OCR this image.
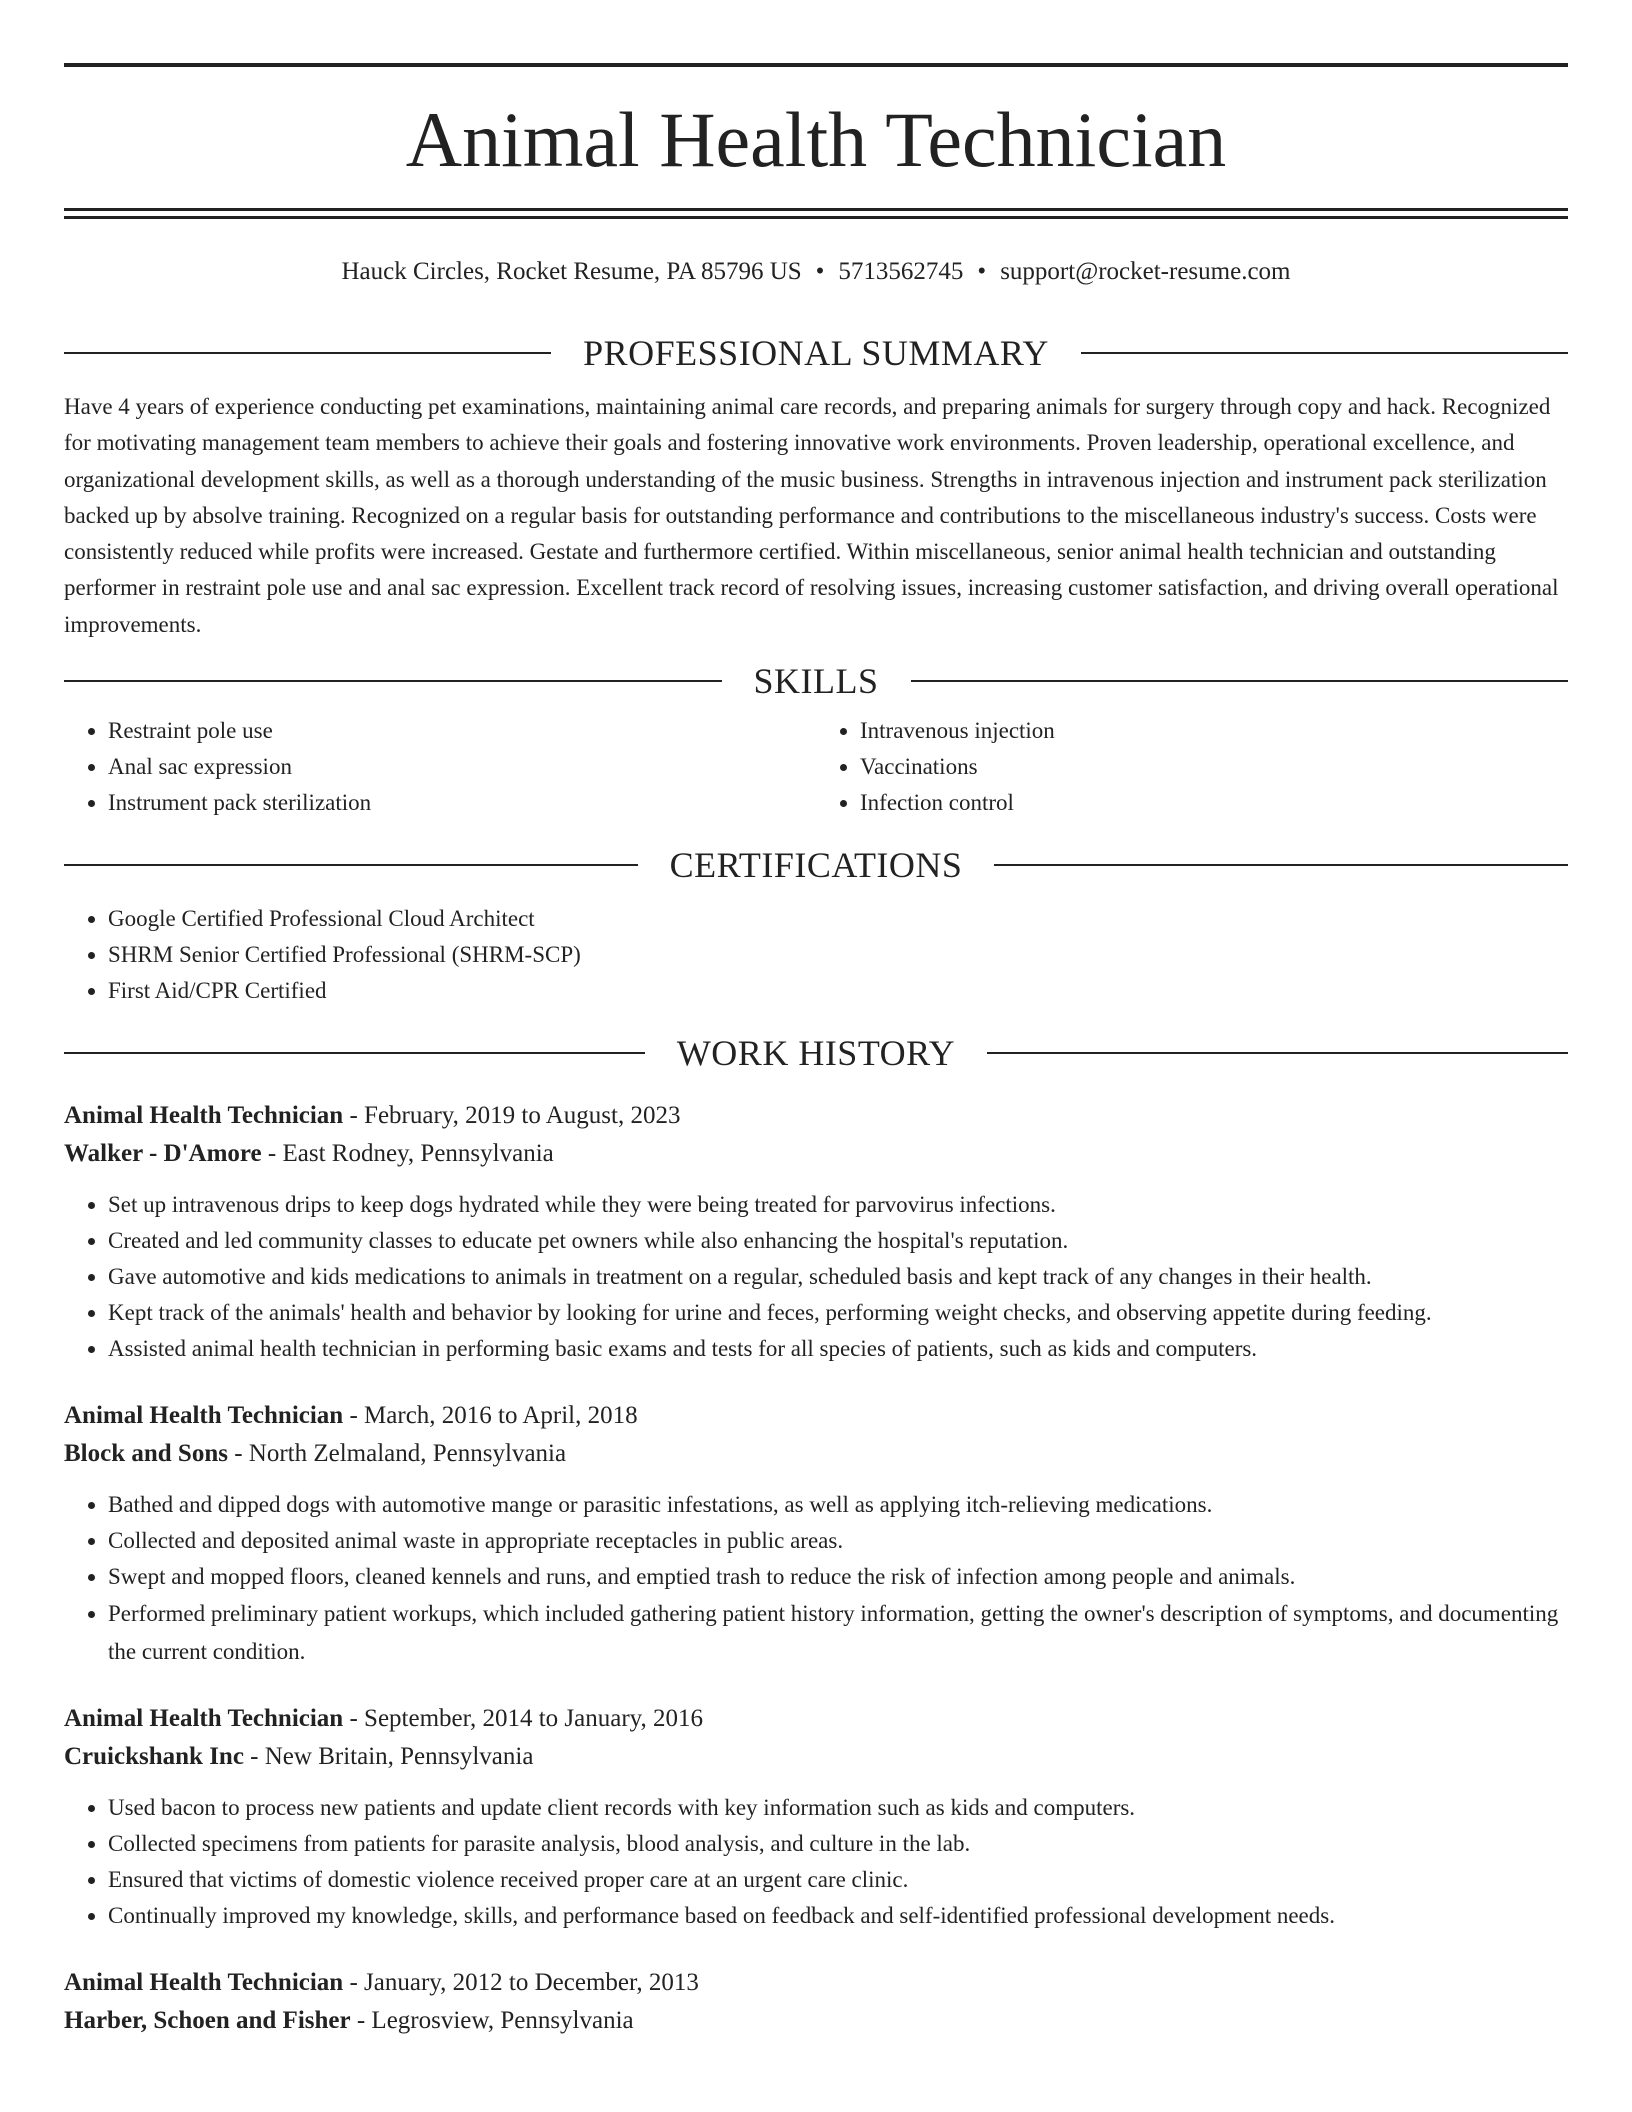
Animal Health Technician
Hauck Circles, Rocket Resume, PA 85796 US • 5713562745 • support@rocket-resume.com
PROFESSIONAL SUMMARY

Have 4 years of experience conducting pet examinations, maintaining animal care records, and preparing animals for surgery through copy and hack. Recognized for motivating management team members to achieve their goals and fostering innovative work environments. Proven leadership, operational excellence, and organizational development skills, as well as a thorough understanding of the music business. Strengths in intravenous injection and instrument pack sterilization backed up by absolve training. Recognized on a regular basis for outstanding performance and contributions to the miscellaneous industry's success. Costs were consistently reduced while profits were increased. Gestate and furthermore certified. Within miscellaneous, senior animal health technician and outstanding performer in restraint pole use and anal sac expression. Excellent track record of resolving issues, increasing customer satisfaction, and driving overall operational improvements.

SKILLS
• Restraint pole use
• Anal sac expression
• Instrument pack sterilization
• Intravenous injection
• Vaccinations
• Infection control
CERTIFICATIONS
• Google Certified Professional Cloud Architect
• SHRM Senior Certified Professional (SHRM-SCP)
• First Aid/CPR Certified
WORK HISTORY

Animal Health Technician - February, 2019 to August, 2023

Walker - D'Amore - East Rodney, Pennsylvania

• Set up intravenous drips to keep dogs hydrated while they were being treated for parvovirus infections.
• Created and led community classes to educate pet owners while also enhancing the hospital's reputation.
• Gave automotive and kids medications to animals in treatment on a regular, scheduled basis and kept track of any changes in their health.
• Kept track of the animals' health and behavior by looking for urine and feces, performing weight checks, and observing appetite during feeding.
• Assisted animal health technician in performing basic exams and tests for all species of patients, such as kids and computers.

Animal Health Technician - March, 2016 to April, 2018

Block and Sons - North Zelmaland, Pennsylvania

• Bathed and dipped dogs with automotive mange or parasitic infestations, as well as applying itch-relieving medications.
• Collected and deposited animal waste in appropriate receptacles in public areas.
• Swept and mopped floors, cleaned kennels and runs, and emptied trash to reduce the risk of infection among people and animals.
• Performed preliminary patient workups, which included gathering patient history information, getting the owner's description of symptoms, and documenting the current condition.

Animal Health Technician - September, 2014 to January, 2016

Cruickshank Inc - New Britain, Pennsylvania

• Used bacon to process new patients and update client records with key information such as kids and computers.
• Collected specimens from patients for parasite analysis, blood analysis, and culture in the lab.
• Ensured that victims of domestic violence received proper care at an urgent care clinic.
• Continually improved my knowledge, skills, and performance based on feedback and self-identified professional development needs.

Animal Health Technician - January, 2012 to December, 2013

Harber, Schoen and Fisher - Legrosview, Pennsylvania
